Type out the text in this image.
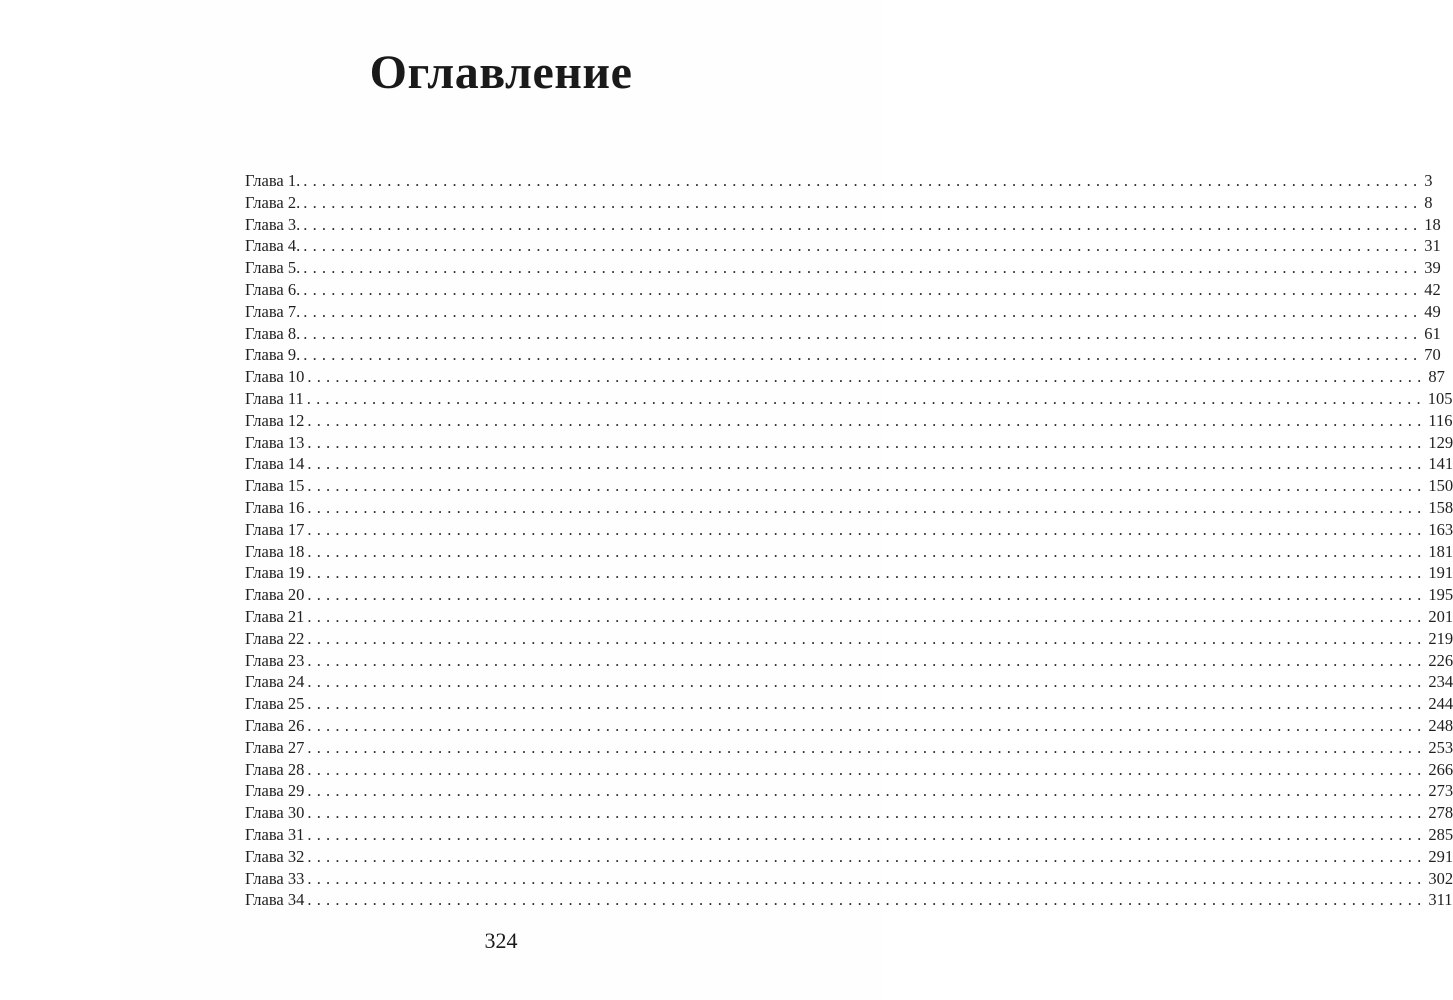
Оглавление
Глава 1. ........................................................................................................................ 3
Глава 2. ........................................................................................................................ 8
Глава 3. ........................................................................................................................ 18
Глава 4. ........................................................................................................................ 31
Глава 5. ........................................................................................................................ 39
Глава 6. ........................................................................................................................ 42
Глава 7. ........................................................................................................................ 49
Глава 8. ........................................................................................................................ 61
Глава 9. ........................................................................................................................ 70
Глава 10 ........................................................................................................................ 87
Глава 11 ........................................................................................................................ 105
Глава 12 ........................................................................................................................ 116
Глава 13 ........................................................................................................................ 129
Глава 14 ........................................................................................................................ 141
Глава 15 ........................................................................................................................ 150
Глава 16 ........................................................................................................................ 158
Глава 17 ........................................................................................................................ 163
Глава 18 ........................................................................................................................ 181
Глава 19 ........................................................................................................................ 191
Глава 20 ........................................................................................................................ 195
Глава 21 ........................................................................................................................ 201
Глава 22 ........................................................................................................................ 219
Глава 23 ........................................................................................................................ 226
Глава 24 ........................................................................................................................ 234
Глава 25 ........................................................................................................................ 244
Глава 26 ........................................................................................................................ 248
Глава 27 ........................................................................................................................ 253
Глава 28 ........................................................................................................................ 266
Глава 29 ........................................................................................................................ 273
Глава 30 ........................................................................................................................ 278
Глава 31 ........................................................................................................................ 285
Глава 32 ........................................................................................................................ 291
Глава 33 ........................................................................................................................ 302
Глава 34 ........................................................................................................................ 311
324
